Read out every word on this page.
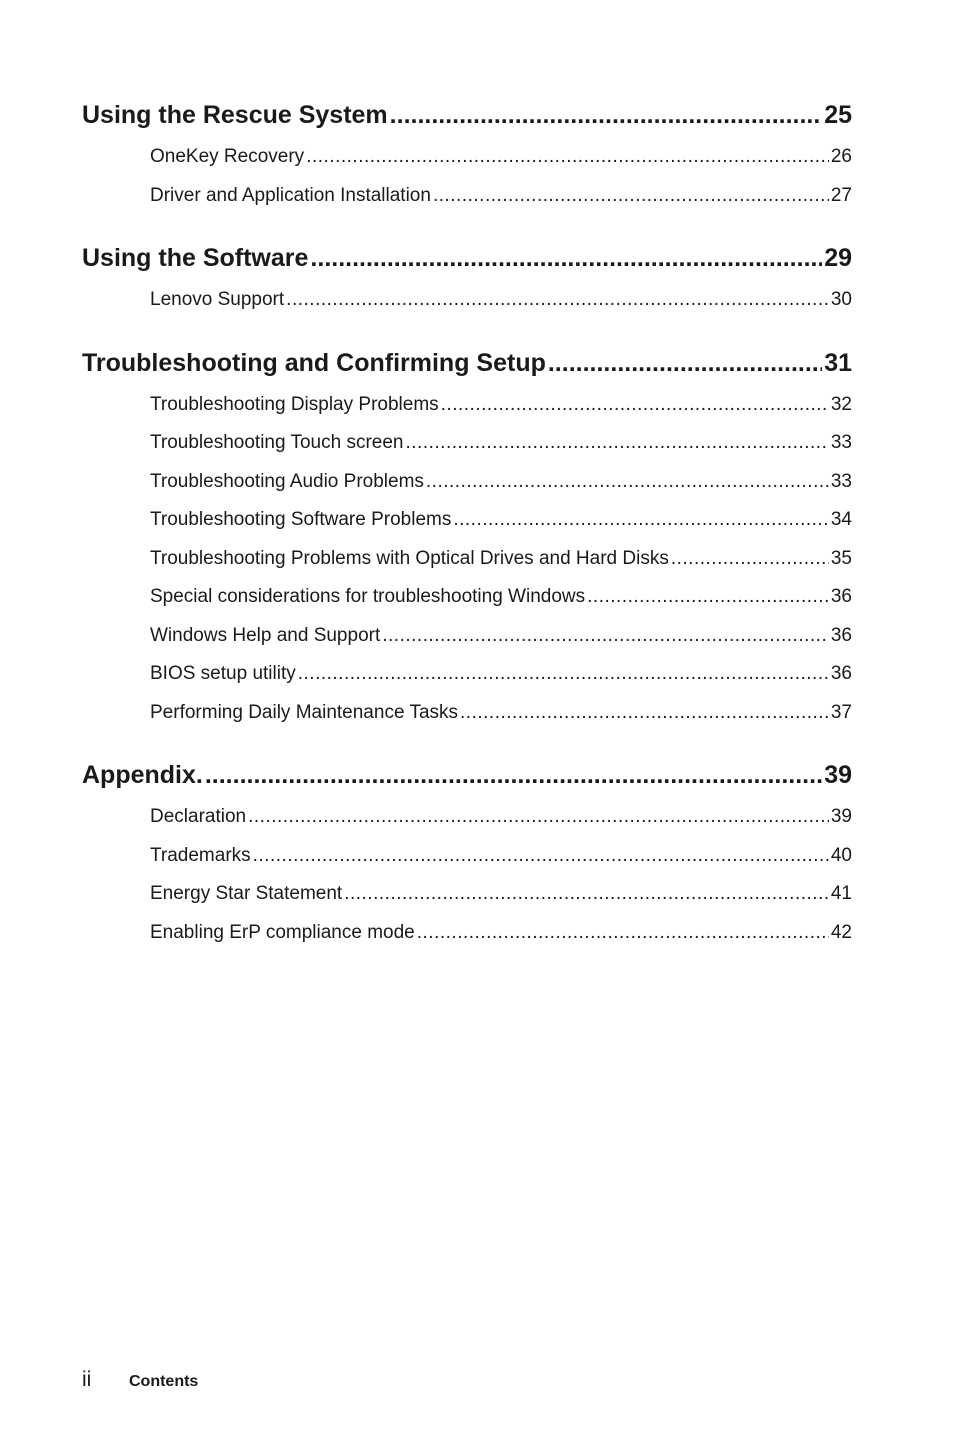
Using the Rescue System .....	25
OneKey Recovery .....	26
Driver and Application Installation .....	27
Using the Software .....	29
Lenovo Support .....	30
Troubleshooting and Confirming Setup .....	31
Troubleshooting Display Problems .....	32
Troubleshooting Touch screen .....	33
Troubleshooting Audio Problems .....	33
Troubleshooting Software Problems .....	34
Troubleshooting Problems with Optical Drives and Hard Disks .....	35
Special considerations for troubleshooting Windows .....	36
Windows Help and Support .....	36
BIOS setup utility .....	36
Performing Daily Maintenance Tasks .....	37
Appendix. .....	39
Declaration .....	39
Trademarks .....	40
Energy Star Statement .....	41
Enabling ErP compliance mode .....	42
ii	Contents
